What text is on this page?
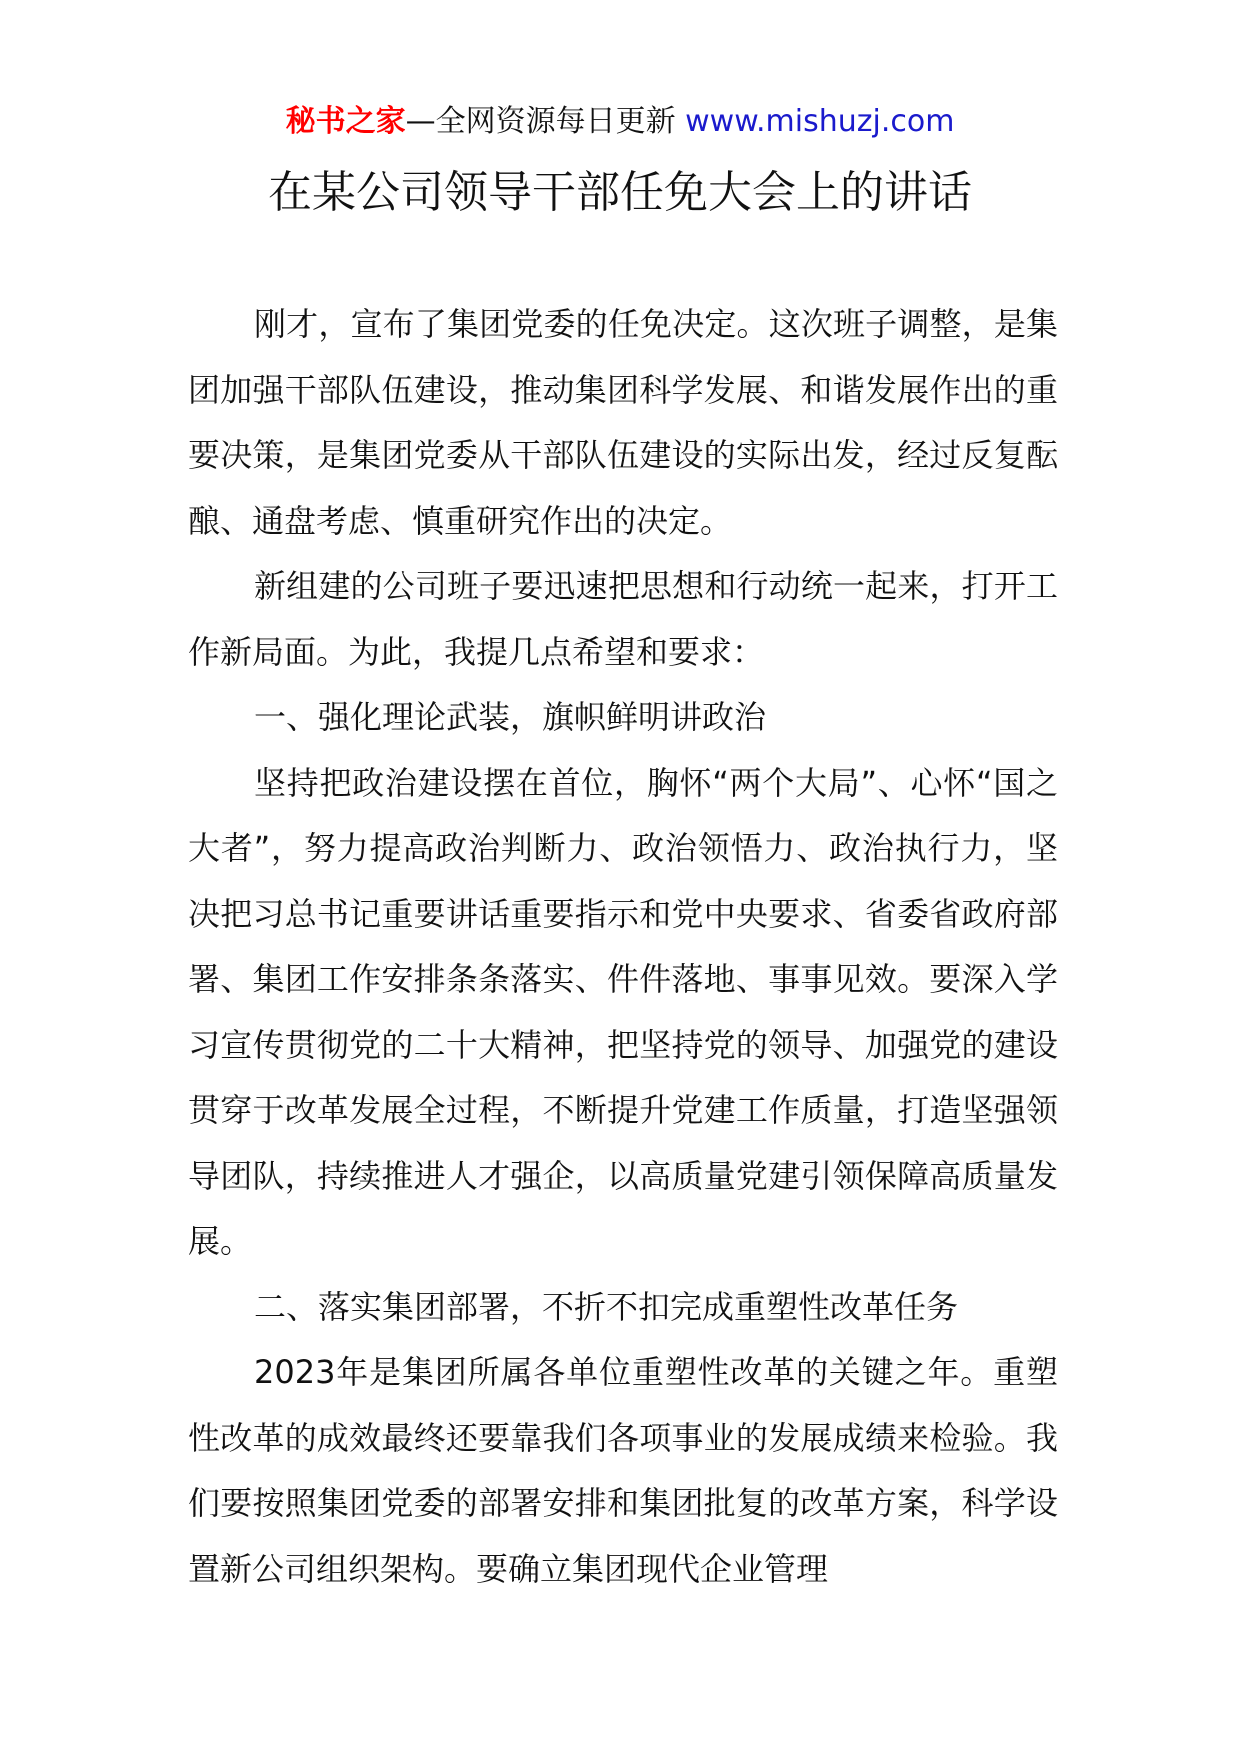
秘书之家—全网资源每日更新 www.mishuzj.com
在某公司领导干部任免大会上的讲话

刚才，宣布了集团党委的任免决定。这次班子调整，是集团加强干部队伍建设，推动集团科学发展、和谐发展作出的重要决策，是集团党委从干部队伍建设的实际出发，经过反复酝酿、通盘考虑、慎重研究作出的决定。

新组建的公司班子要迅速把思想和行动统一起来，打开工作新局面。为此，我提几点希望和要求：

一、强化理论武装，旗帜鲜明讲政治

坚持把政治建设摆在首位，胸怀“两个大局”、心怀“国之大者”，努力提高政治判断力、政治领悟力、政治执行力，坚决把习总书记重要讲话重要指示和党中央要求、省委省政府部署、集团工作安排条条落实、件件落地、事事见效。要深入学习宣传贯彻党的二十大精神，把坚持党的领导、加强党的建设贯穿于改革发展全过程，不断提升党建工作质量，打造坚强领导团队，持续推进人才强企，以高质量党建引领保障高质量发展。

二、落实集团部署，不折不扣完成重塑性改革任务

2023年是集团所属各单位重塑性改革的关键之年。重塑性改革的成效最终还要靠我们各项事业的发展成绩来检验。我们要按照集团党委的部署安排和集团批复的改革方案，科学设置新公司组织架构。要确立集团现代企业管理
